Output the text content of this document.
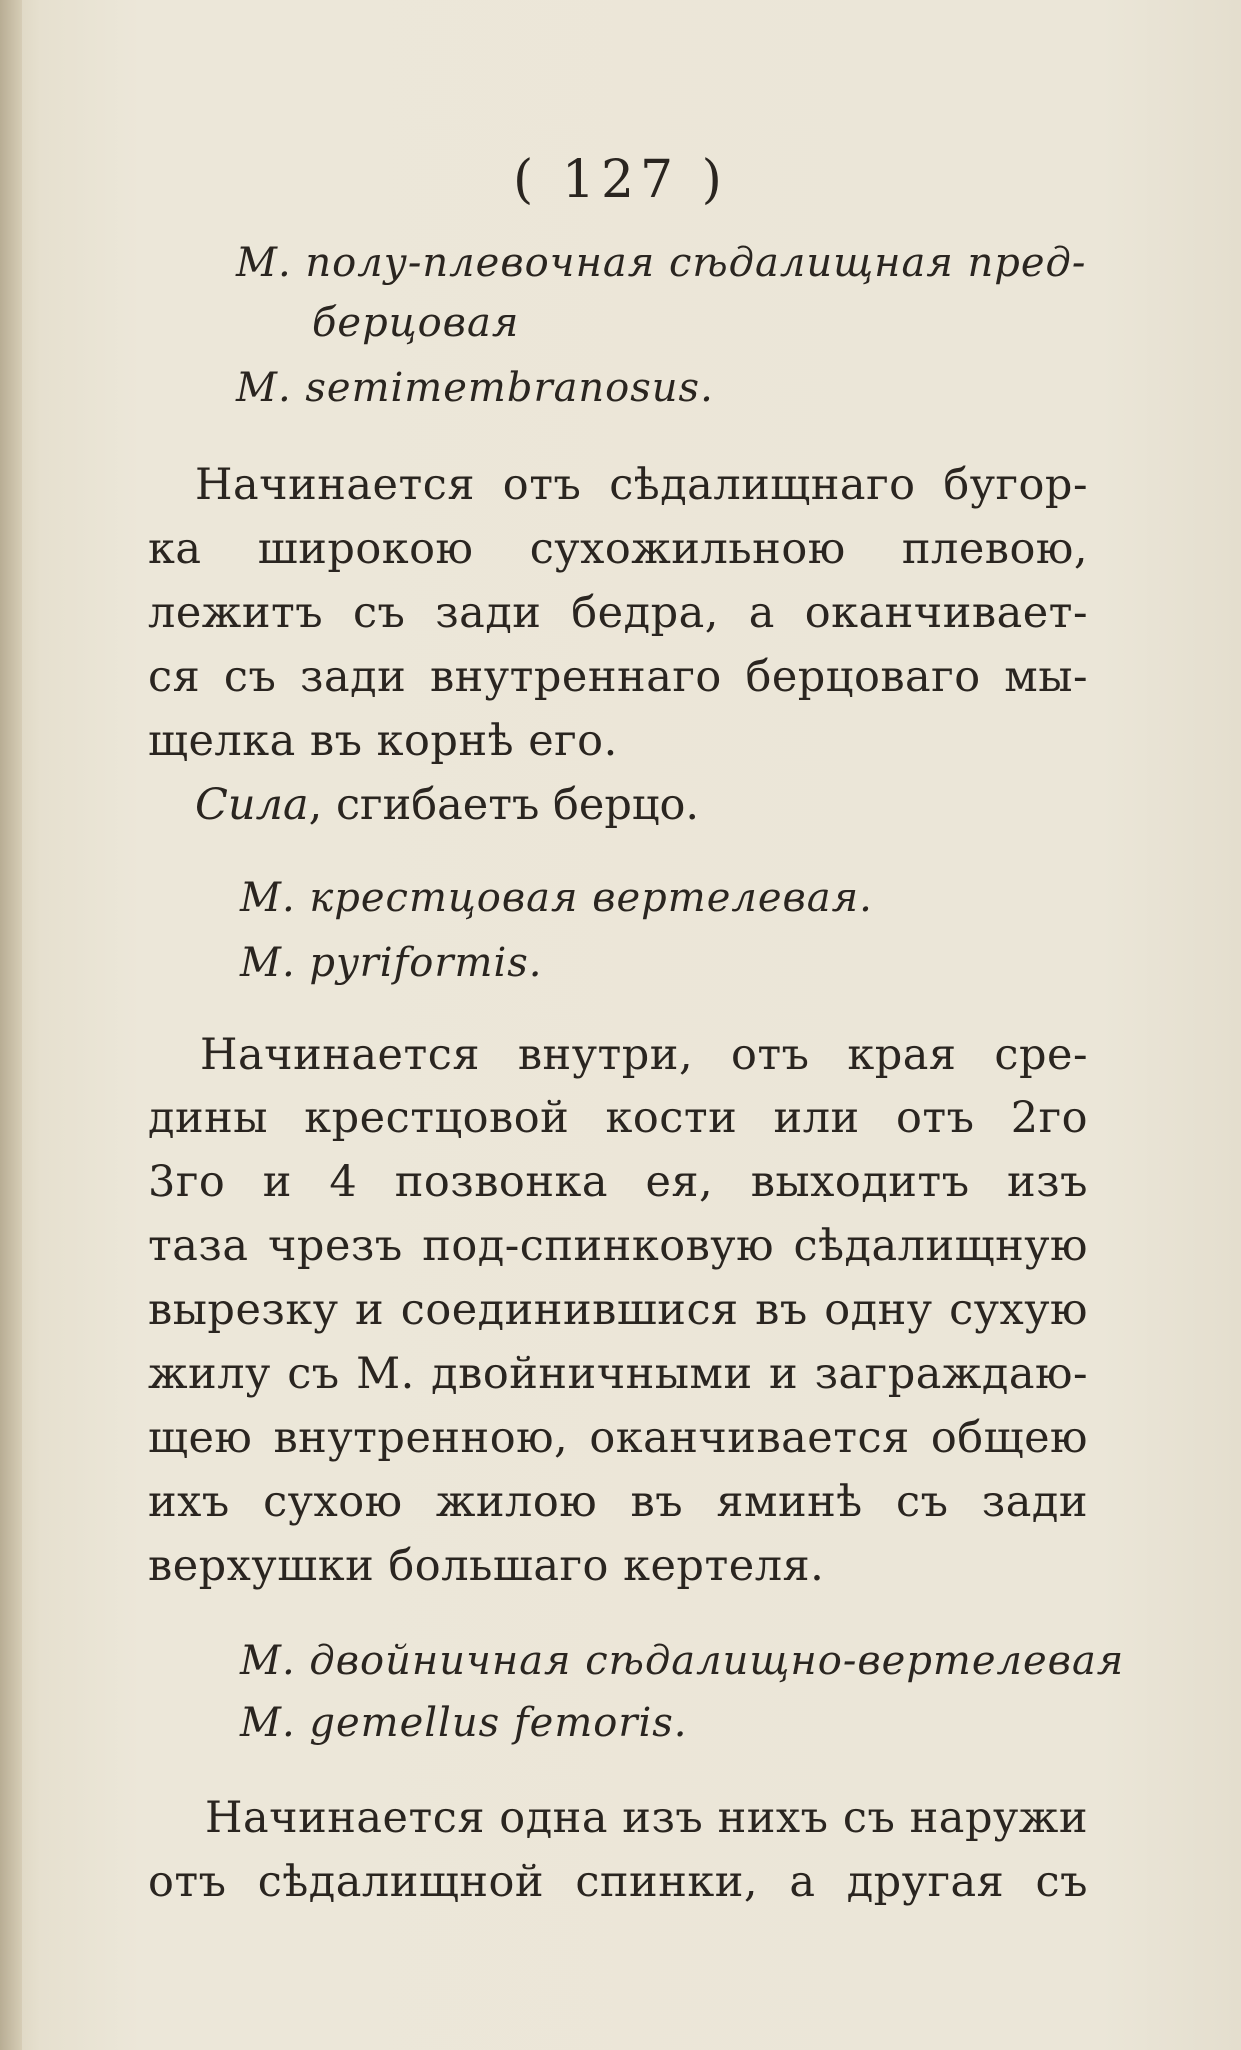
( 127 )
M. полу-плевочная сѣдалищная пред-
берцовая
M. semimembranosus.
Начинается отъ сѣдалищнаго бугор-
ка широкою сухожильною плевою,
лежитъ съ зади бедра, а оканчивает-
ся съ зади внутреннаго берцоваго мы-
щелка въ корнѣ его.
Сила, сгибаетъ берцо.
M. крестцовая вертелевая.
M. pyriformis.
Начинается внутри, отъ края сре-
дины крестцовой кости или отъ 2го
3го и 4 позвонка ея, выходитъ изъ
таза чрезъ под-спинковую сѣдалищную
вырезку и соединившися въ одну сухую
жилу съ M. двойничными и заграждаю-
щею внутренною, оканчивается общею
ихъ сухою жилою въ яминѣ съ зади
верхушки большаго кертеля.
M. двойничная сѣдалищно-вертелевая
M. gemellus femoris.
Начинается одна изъ нихъ съ наружи
отъ сѣдалищной спинки, а другая съ
